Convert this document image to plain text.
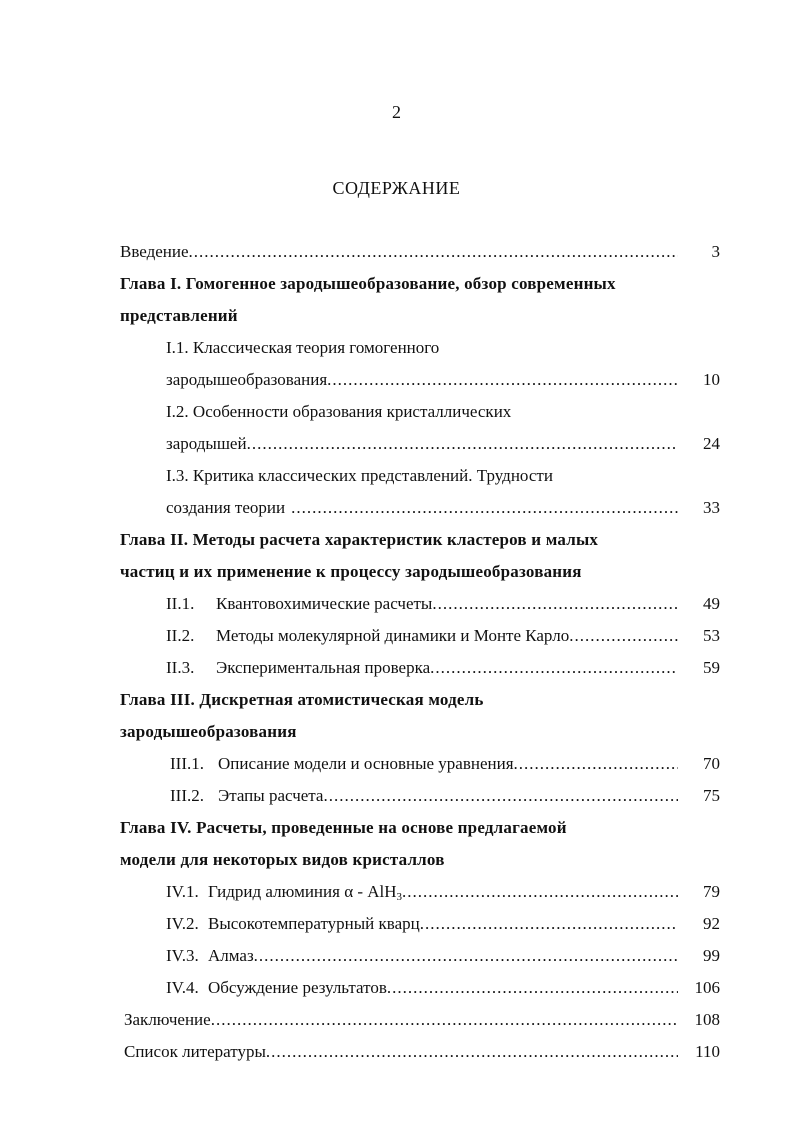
2
СОДЕРЖАНИЕ
Введение .....	3
Глава I. Гомогенное зародышеобразование, обзор современных
представлений
I.1. Классическая теория гомогенного
зародышеобразования .....	10
I.2. Особенности образования кристаллических
зародышей .....	24
I.3. Критика классических представлений. Трудности
создания теории .....	33
Глава II. Методы расчета характеристик кластеров и малых
частиц и их применение к процессу зародышеобразования
II.1.	Квантовохимические расчеты .....	49
II.2.	Методы молекулярной динамики и Монте Карло .....	53
II.3.	Экспериментальная проверка .....	59
Глава III. Дискретная атомистическая модель
зародышеобразования
III.1. Описание модели и основные уравнения .....	70
III.2. Этапы расчета .....	75
Глава IV. Расчеты, проведенные на основе предлагаемой
модели для некоторых видов кристаллов
IV.1. Гидрид алюминия α - AlH$_3$ .....	79
IV.2. Высокотемпературный кварц .....	92
IV.3. Алмаз .....	99
IV.4. Обсуждение результатов .....	106
Заключение .....	108
Список литературы .....	110
